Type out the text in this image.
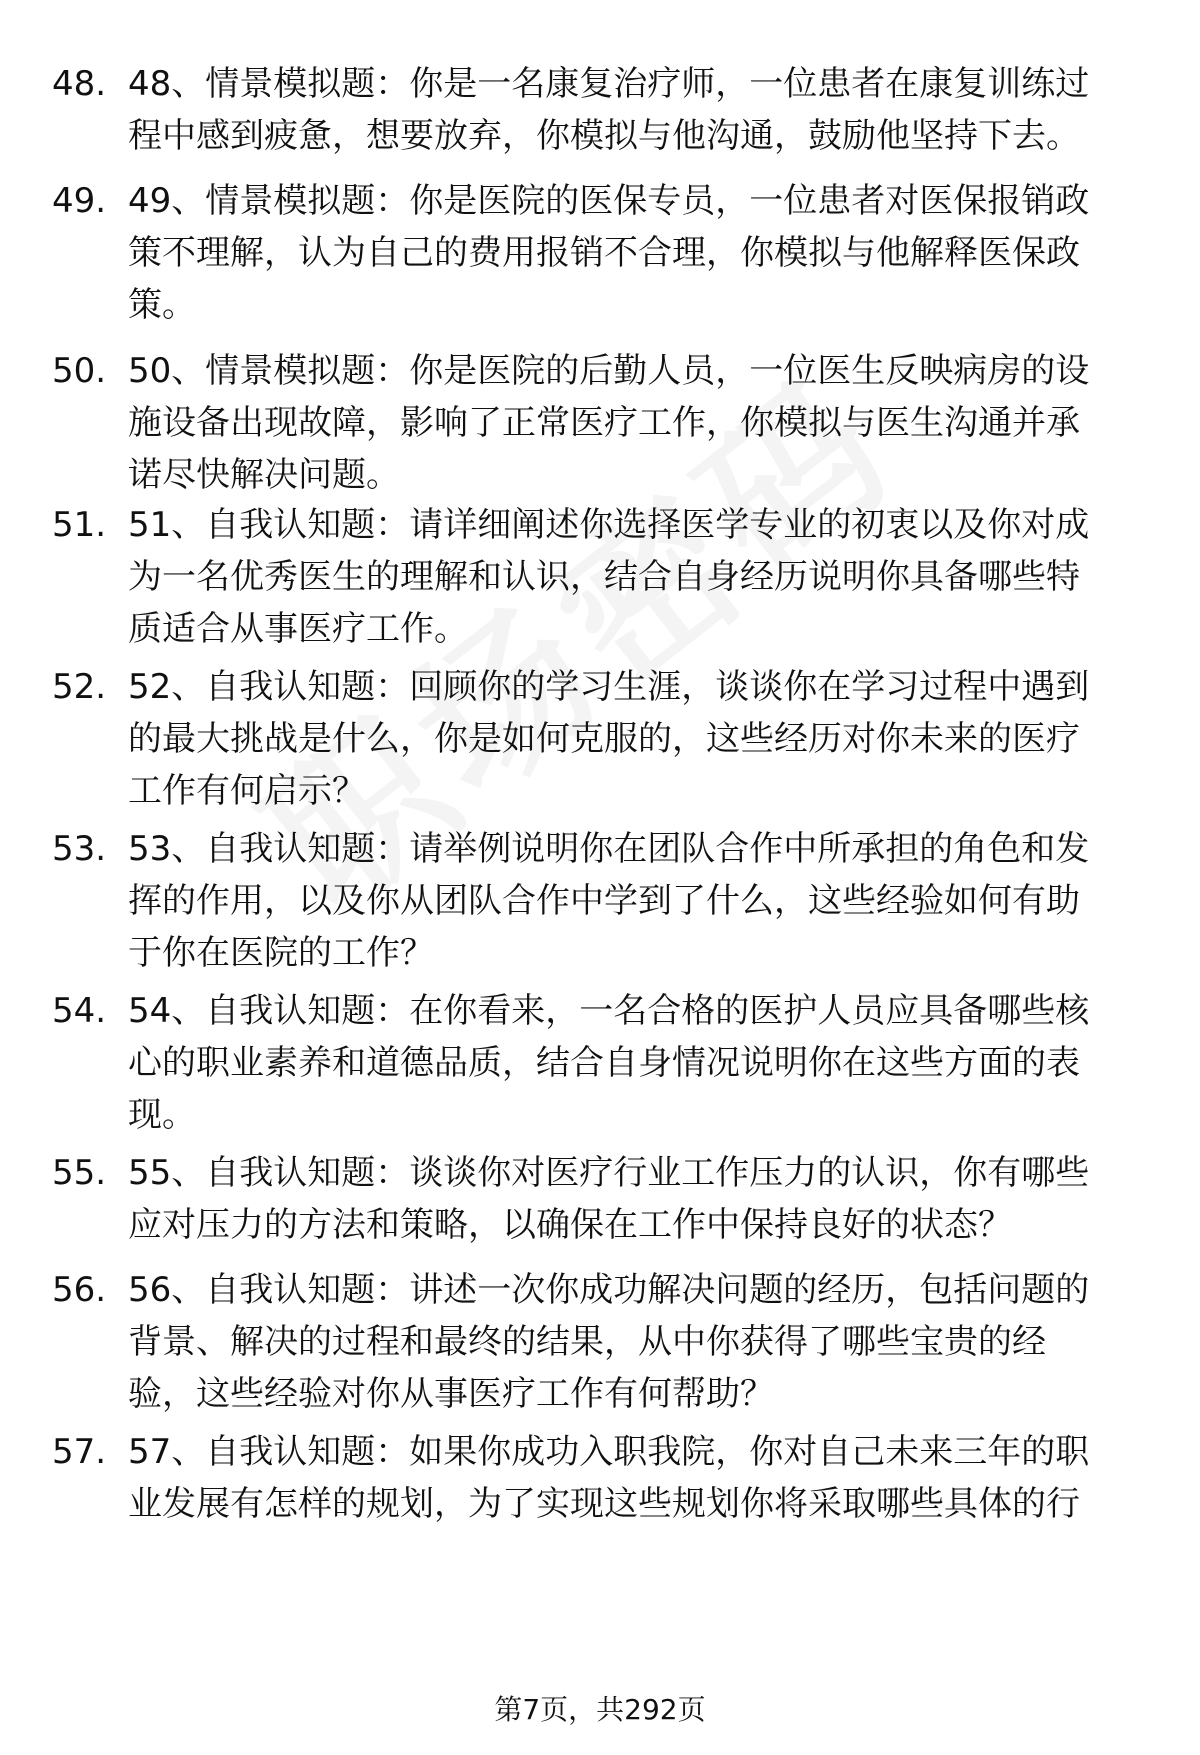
48. 48、情景模拟题：你是一名康复治疗师，一位患者在康复训练过
程中感到疲惫，想要放弃，你模拟与他沟通，鼓励他坚持下去。
49. 49、情景模拟题：你是医院的医保专员，一位患者对医保报销政
策不理解，认为自己的费用报销不合理，你模拟与他解释医保政
策。
50. 50、情景模拟题：你是医院的后勤人员，一位医生反映病房的设
施设备出现故障，影响了正常医疗工作，你模拟与医生沟通并承
诺尽快解决问题。
51. 51、自我认知题：请详细阐述你选择医学专业的初衷以及你对成
为一名优秀医生的理解和认识，结合自身经历说明你具备哪些特
质适合从事医疗工作。
52. 52、自我认知题：回顾你的学习生涯，谈谈你在学习过程中遇到
的最大挑战是什么，你是如何克服的，这些经历对你未来的医疗
工作有何启示？
53. 53、自我认知题：请举例说明你在团队合作中所承担的角色和发
挥的作用，以及你从团队合作中学到了什么，这些经验如何有助
于你在医院的工作？
54. 54、自我认知题：在你看来，一名合格的医护人员应具备哪些核
心的职业素养和道德品质，结合自身情况说明你在这些方面的表
现。
55. 55、自我认知题：谈谈你对医疗行业工作压力的认识，你有哪些
应对压力的方法和策略，以确保在工作中保持良好的状态？
56. 56、自我认知题：讲述一次你成功解决问题的经历，包括问题的
背景、解决的过程和最终的结果，从中你获得了哪些宝贵的经
验，这些经验对你从事医疗工作有何帮助？
57. 57、自我认知题：如果你成功入职我院，你对自己未来三年的职
业发展有怎样的规划，为了实现这些规划你将采取哪些具体的行
第7页，共292页
